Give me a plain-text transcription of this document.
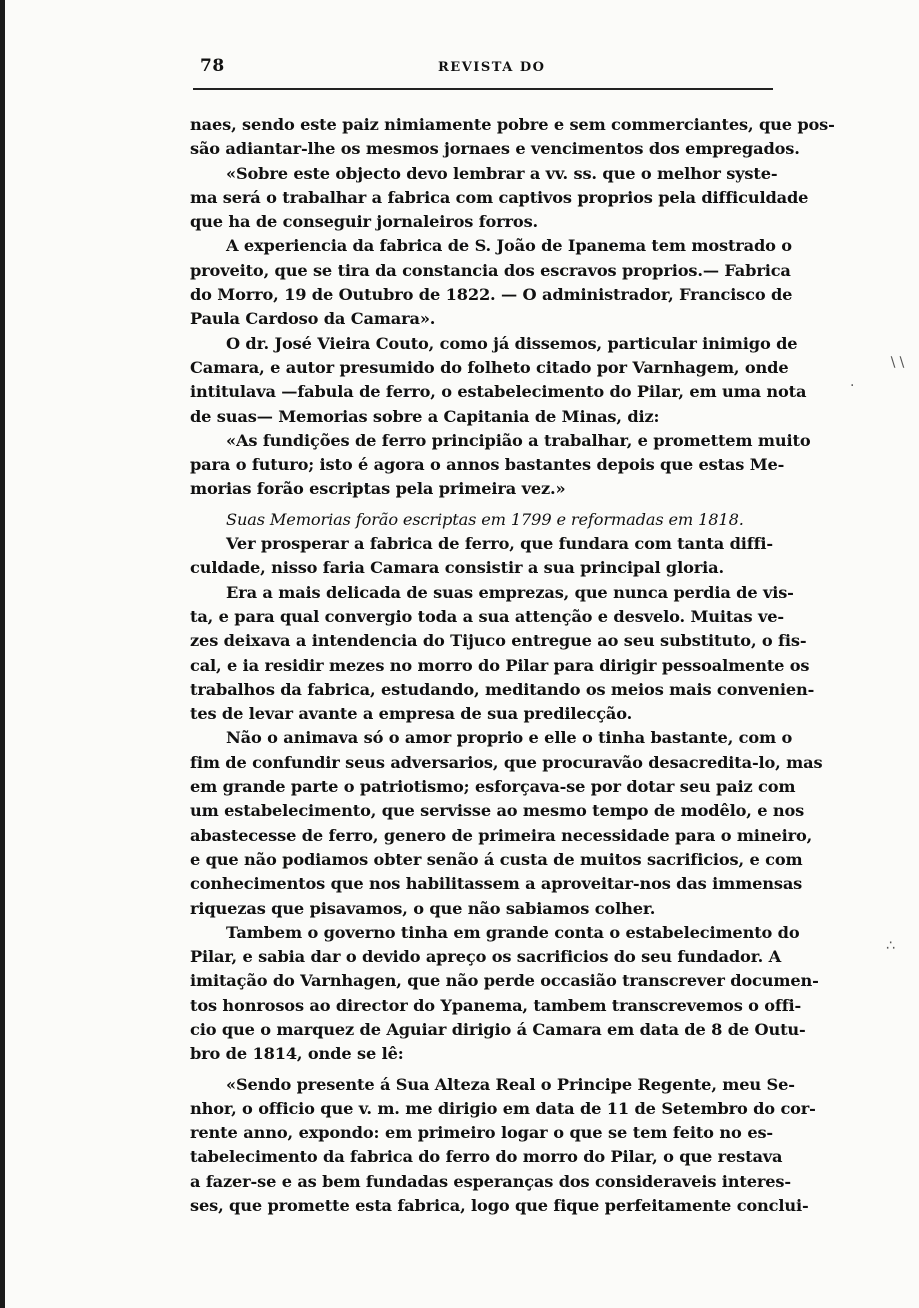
78	REVISTA DO
naes, sendo este paiz nimiamente pobre e sem commerciantes, que pos-
são adiantar-lhe os mesmos jornaes e vencimentos dos empregados.
«Sobre este objecto devo lembrar a vv. ss. que o melhor syste-
ma será o trabalhar a fabrica com captivos proprios pela difficuldade
que ha de conseguir jornaleiros forros.
A experiencia da fabrica de S. João de Ipanema tem mostrado o
proveito, que se tira da constancia dos escravos proprios.— Fabrica
do Morro, 19 de Outubro de 1822. — O administrador, Francisco de
Paula Cardoso da Camara».
O dr. José Vieira Couto, como já dissemos, particular inimigo de
Camara, e autor presumido do folheto citado por Varnhagem, onde
intitulava —fabula de ferro, o estabelecimento do Pilar, em uma nota
de suas— Memorias sobre a Capitania de Minas, diz:
«As fundições de ferro principião a trabalhar, e promettem muito
para o futuro; isto é agora o annos bastantes depois que estas Me-
morias forão escriptas pela primeira vez.»
Suas Memorias forão escriptas em 1799 e reformadas em 1818.
Ver prosperar a fabrica de ferro, que fundara com tanta diffi-
culdade, nisso faria Camara consistir a sua principal gloria.
Era a mais delicada de suas emprezas, que nunca perdia de vis-
ta, e para qual convergio toda a sua attenção e desvelo. Muitas ve-
zes deixava a intendencia do Tijuco entregue ao seu substituto, o fis-
cal, e ia residir mezes no morro do Pilar para dirigir pessoalmente os
trabalhos da fabrica, estudando, meditando os meios mais convenien-
tes de levar avante a empresa de sua predilecção.
Não o animava só o amor proprio e elle o tinha bastante, com o
fim de confundir seus adversarios, que procuravão desacredita-lo, mas
em grande parte o patriotismo; esforçava-se por dotar seu paiz com
um estabelecimento, que servisse ao mesmo tempo de modêlo, e nos
abastecesse de ferro, genero de primeira necessidade para o mineiro,
e que não podiamos obter senão á custa de muitos sacrificios, e com
conhecimentos que nos habilitassem a aproveitar-nos das immensas
riquezas que pisavamos, o que não sabiamos colher.
Tambem o governo tinha em grande conta o estabelecimento do
Pilar, e sabia dar o devido apreço os sacrificios do seu fundador. A
imitação do Varnhagen, que não perde occasião transcrever documen-
tos honrosos ao director do Ypanema, tambem transcrevemos o offi-
cio que o marquez de Aguiar dirigio á Camara em data de 8 de Outu-
bro de 1814, onde se lê:
«Sendo presente á Sua Alteza Real o Principe Regente, meu Se-
nhor, o officio que v. m. me dirigio em data de 11 de Setembro do cor-
rente anno, expondo: em primeiro logar o que se tem feito no es-
tabelecimento da fabrica do ferro do morro do Pilar, o que restava
a fazer-se e as bem fundadas esperanças dos consideraveis interes-
ses, que promette esta fabrica, logo que fique perfeitamente conclui-
∖∖
·
∴
